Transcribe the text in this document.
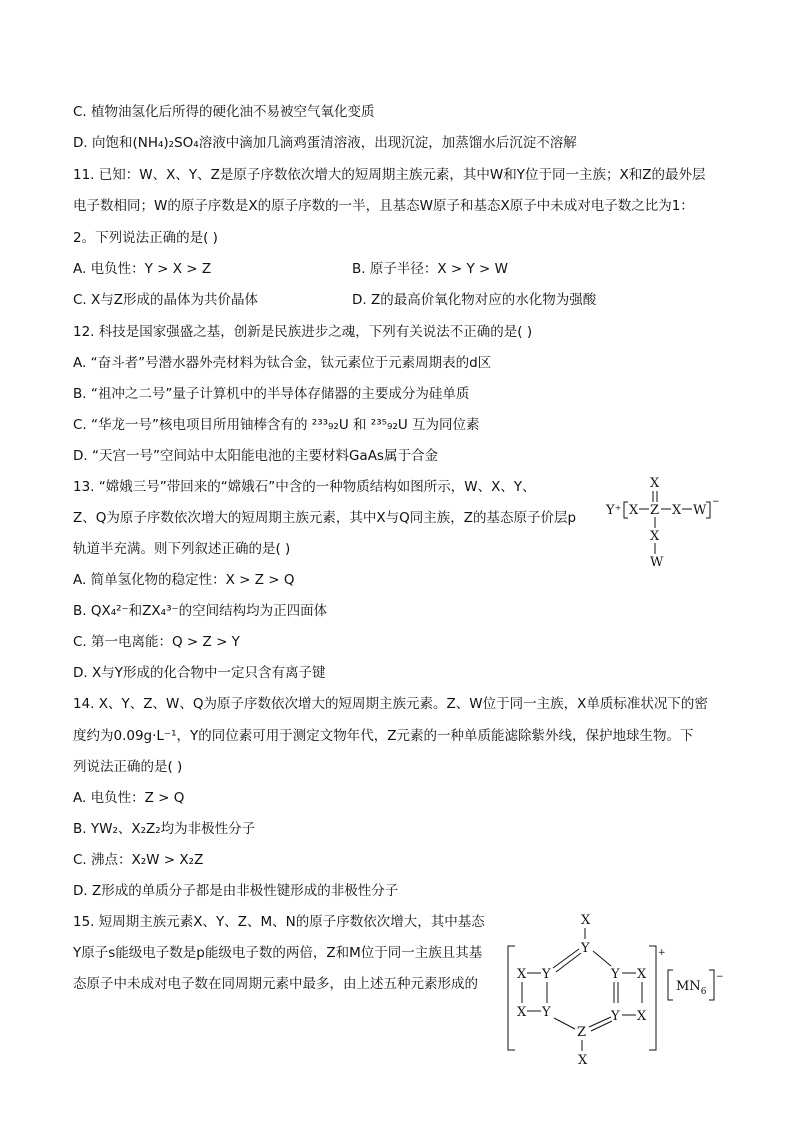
C. 植物油氢化后所得的硬化油不易被空气氧化变质
D. 向饱和(NH₄)₂SO₄溶液中滴加几滴鸡蛋清溶液，出现沉淀，加蒸馏水后沉淀不溶解
11. 已知：W、X、Y、Z是原子序数依次增大的短周期主族元素，其中W和Y位于同一主族；X和Z的最外层
电子数相同；W的原子序数是X的原子序数的一半，且基态W原子和基态X原子中未成对电子数之比为1：
2。下列说法正确的是( )
A. 电负性：Y > X > Z	B. 原子半径：X > Y > W
C. X与Z形成的晶体为共价晶体	D. Z的最高价氧化物对应的水化物为强酸
12. 科技是国家强盛之基，创新是民族进步之魂，下列有关说法不正确的是( )
A. “奋斗者”号潜水器外壳材料为钛合金，钛元素位于元素周期表的d区
B. “祖冲之二号”量子计算机中的半导体存储器的主要成分为硅单质
C. “华龙一号”核电项目所用铀棒含有的 ²³³₉₂U 和 ²³⁵₉₂U 互为同位素
D. “天宫一号”空间站中太阳能电池的主要材料GaAs属于合金
13. “嫦娥三号”带回来的“嫦娥石”中含的一种物质结构如图所示，W、X、Y、
Z、Q为原子序数依次增大的短周期主族元素，其中X与Q同主族，Z的基态原子价层p
轨道半充满。则下列叙述正确的是( )
A. 简单氢化物的稳定性：X > Z > Q
B. QX₄²⁻和ZX₄³⁻的空间结构均为正四面体
C. 第一电离能：Q > Z > Y
D. X与Y形成的化合物中一定只含有离子键
X
Y⁺ X Z X W
−
X
W
14. X、Y、Z、W、Q为原子序数依次增大的短周期主族元素。Z、W位于同一主族，X单质标准状况下的密
度约为0.09g·L⁻¹，Y的同位素可用于测定文物年代，Z元素的一种单质能滤除紫外线，保护地球生物。下
列说法正确的是( )
A. 电负性：Z > Q
B. YW₂、X₂Z₂均为非极性分子
C. 沸点：X₂W > X₂Z
D. Z形成的单质分子都是由非极性键形成的非极性分子
15. 短周期主族元素X、Y、Z、M、N的原子序数依次增大，其中基态
Y原子s能级电子数是p能级电子数的两倍，Z和M位于同一主族且其基
态原子中未成对电子数在同周期元素中最多，由上述五种元素形成的
X
Y
X Y	Y X
X Y	Y X
Z
X
+
$MN_6$
−
